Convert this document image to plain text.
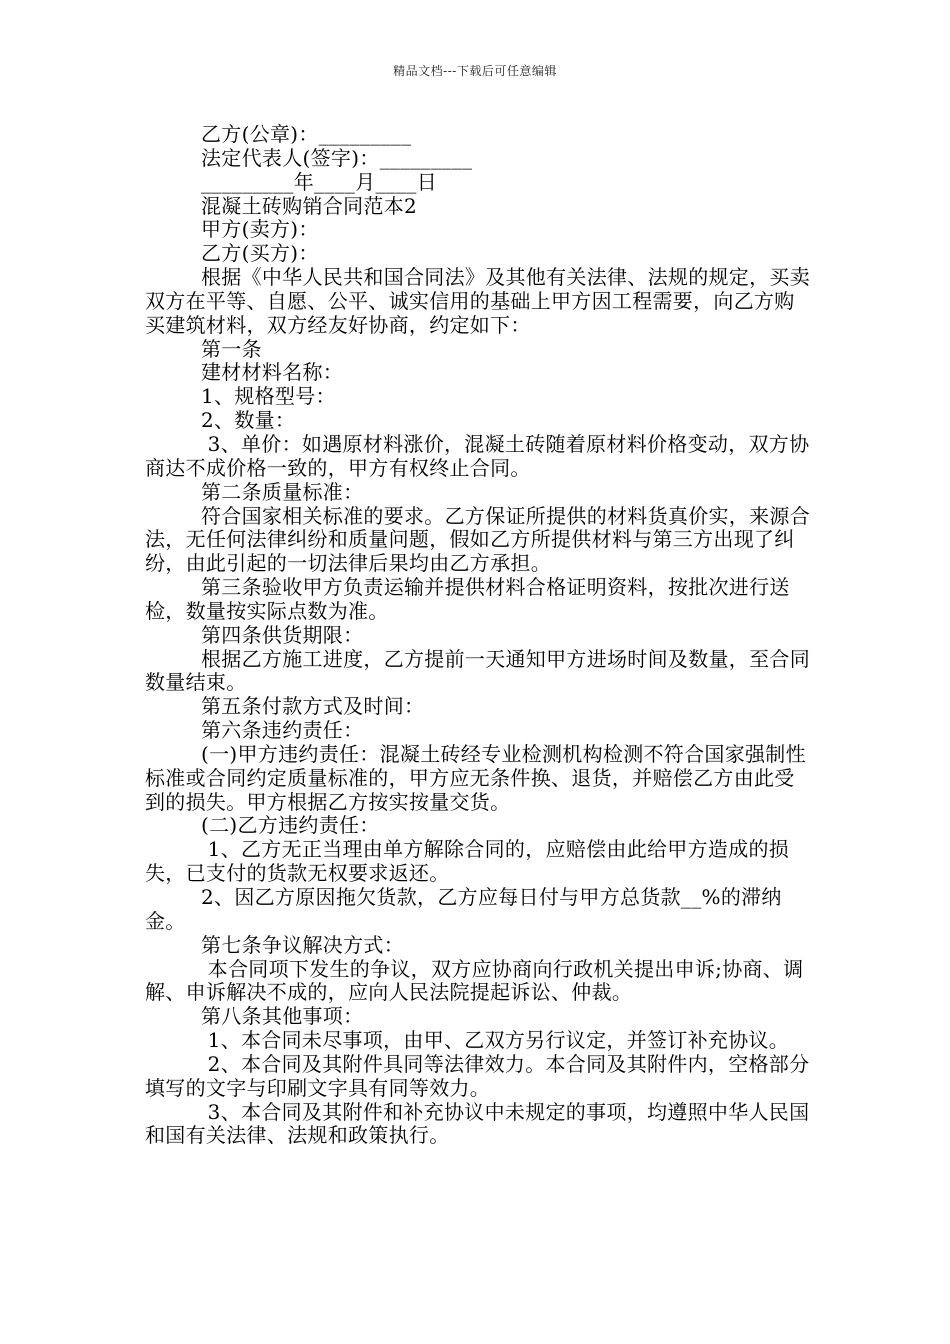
精品文档---下载后可任意编辑

乙方(公章)：_________

法定代表人(签字)：_________

_________年____月____日

混凝土砖购销合同范本2

甲方(卖方)：

乙方(买方)：

根据《中华人民共和国合同法》及其他有关法律、法规的规定，买卖双方在平等、自愿、公平、诚实信用的基础上甲方因工程需要，向乙方购买建筑材料，双方经友好协商，约定如下：

第一条

建材材料名称：

1、规格型号：

2、数量：

3、单价：如遇原材料涨价，混凝土砖随着原材料价格变动，双方协商达不成价格一致的，甲方有权终止合同。

第二条质量标准：

符合国家相关标准的要求。乙方保证所提供的材料货真价实，来源合法，无任何法律纠纷和质量问题，假如乙方所提供材料与第三方出现了纠纷，由此引起的一切法律后果均由乙方承担。

第三条验收甲方负责运输并提供材料合格证明资料，按批次进行送检，数量按实际点数为准。

第四条供货期限：

根据乙方施工进度，乙方提前一天通知甲方进场时间及数量，至合同数量结束。

第五条付款方式及时间：

第六条违约责任：

(一)甲方违约责任：混凝土砖经专业检测机构检测不符合国家强制性标准或合同约定质量标准的，甲方应无条件换、退货，并赔偿乙方由此受到的损失。甲方根据乙方按实按量交货。

(二)乙方违约责任：

1、乙方无正当理由单方解除合同的，应赔偿由此给甲方造成的损失，已支付的货款无权要求返还。

2、因乙方原因拖欠货款，乙方应每日付与甲方总货款__%的滞纳金。

第七条争议解决方式：

本合同项下发生的争议，双方应协商向行政机关提出申诉;协商、调解、申诉解决不成的，应向人民法院提起诉讼、仲裁。

第八条其他事项：

1、本合同未尽事项，由甲、乙双方另行议定，并签订补充协议。

2、本合同及其附件具同等法律效力。本合同及其附件内，空格部分填写的文字与印刷文字具有同等效力。

3、本合同及其附件和补充协议中未规定的事项，均遵照中华人民国和国有关法律、法规和政策执行。
